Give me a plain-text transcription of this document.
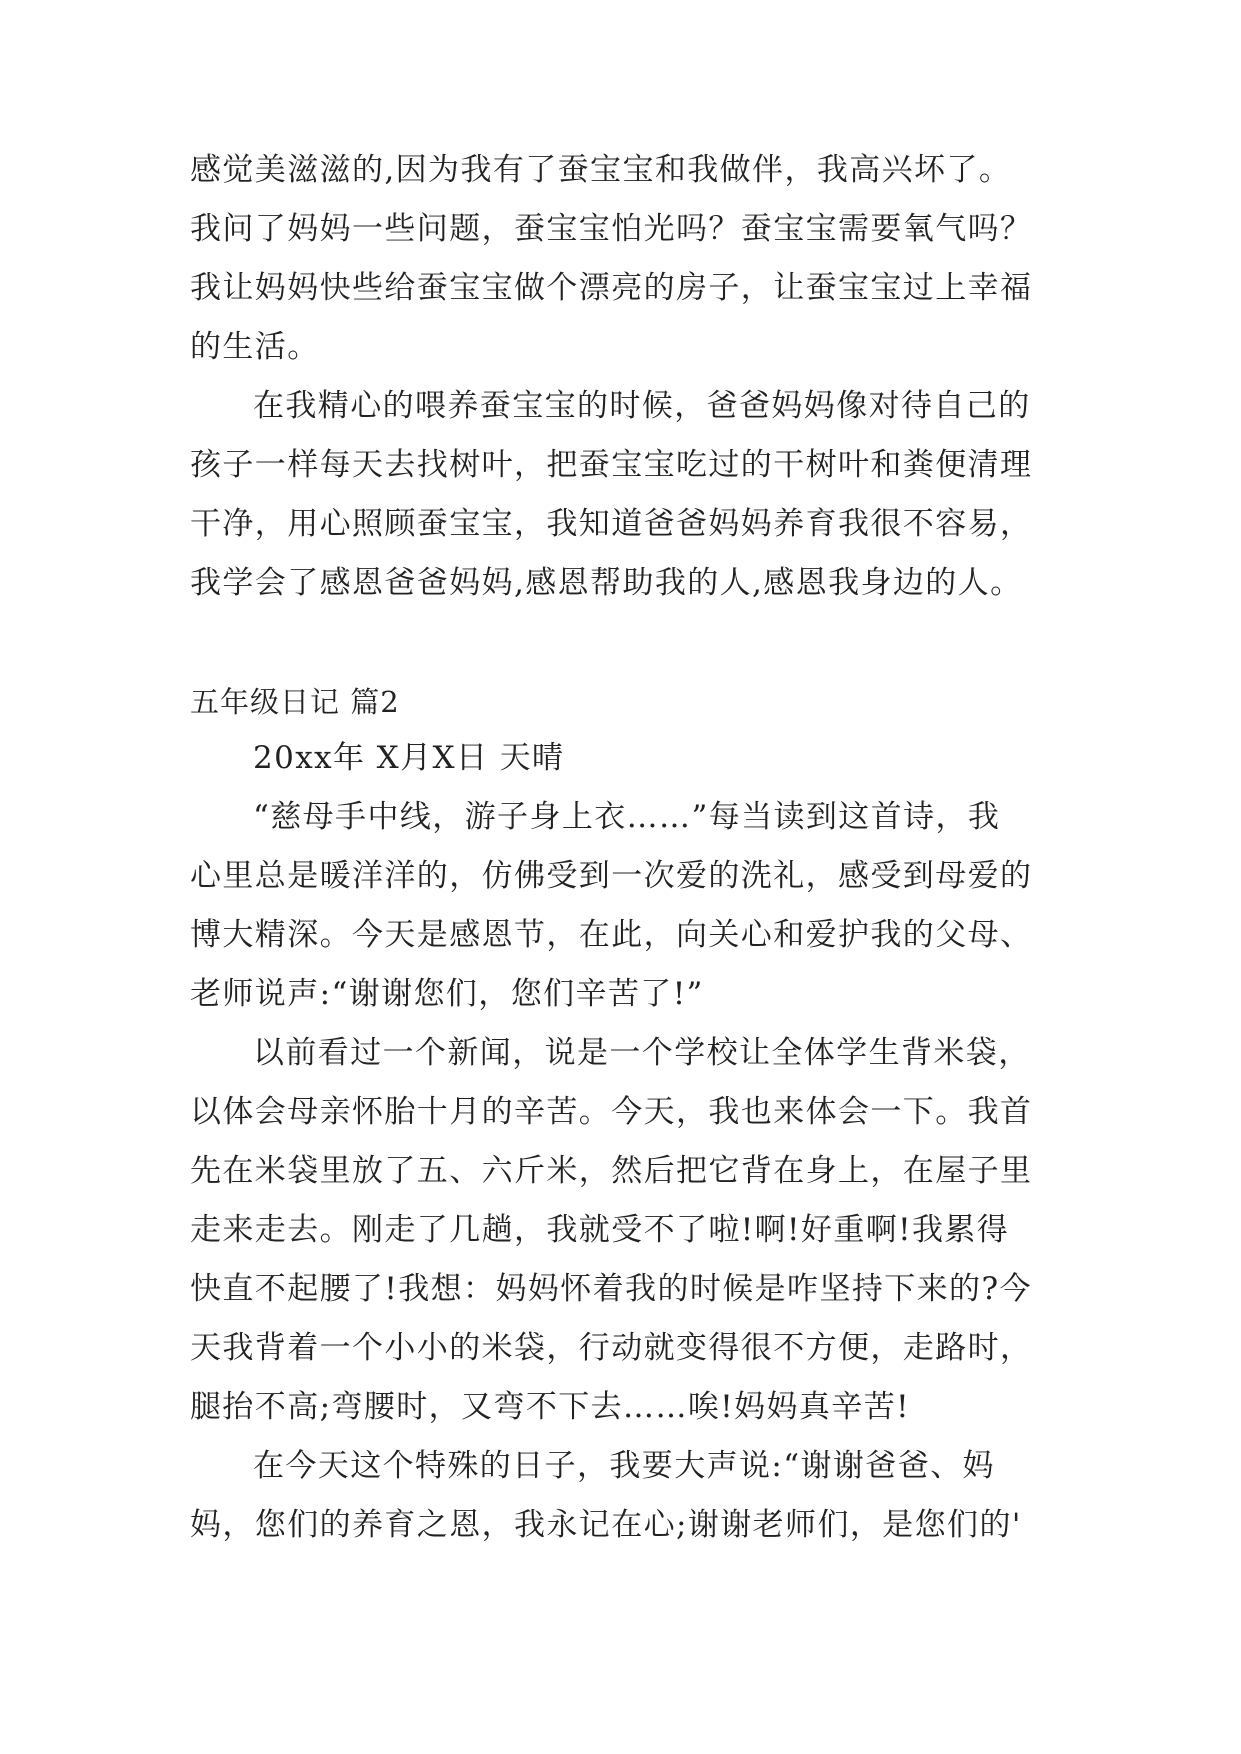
感觉美滋滋的,因为我有了蚕宝宝和我做伴，我高兴坏了。
我问了妈妈一些问题，蚕宝宝怕光吗？蚕宝宝需要氧气吗？
我让妈妈快些给蚕宝宝做个漂亮的房子，让蚕宝宝过上幸福
的生活。
在我精心的喂养蚕宝宝的时候，爸爸妈妈像对待自己的
孩子一样每天去找树叶，把蚕宝宝吃过的干树叶和粪便清理
干净，用心照顾蚕宝宝，我知道爸爸妈妈养育我很不容易，
我学会了感恩爸爸妈妈,感恩帮助我的人,感恩我身边的人。
五年级日记 篇2
20xx年 X月X日 天晴
“慈母手中线，游子身上衣……”每当读到这首诗，我
心里总是暖洋洋的，仿佛受到一次爱的洗礼，感受到母爱的
博大精深。今天是感恩节，在此，向关心和爱护我的父母、
老师说声:“谢谢您们，您们辛苦了!”
以前看过一个新闻，说是一个学校让全体学生背米袋，
以体会母亲怀胎十月的辛苦。今天，我也来体会一下。我首
先在米袋里放了五、六斤米，然后把它背在身上，在屋子里
走来走去。刚走了几趟，我就受不了啦!啊!好重啊!我累得
快直不起腰了!我想：妈妈怀着我的时候是咋坚持下来的?今
天我背着一个小小的米袋，行动就变得很不方便，走路时，
腿抬不高;弯腰时，又弯不下去……唉!妈妈真辛苦!
在今天这个特殊的日子，我要大声说:“谢谢爸爸、妈
妈，您们的养育之恩，我永记在心;谢谢老师们，是您们的'
